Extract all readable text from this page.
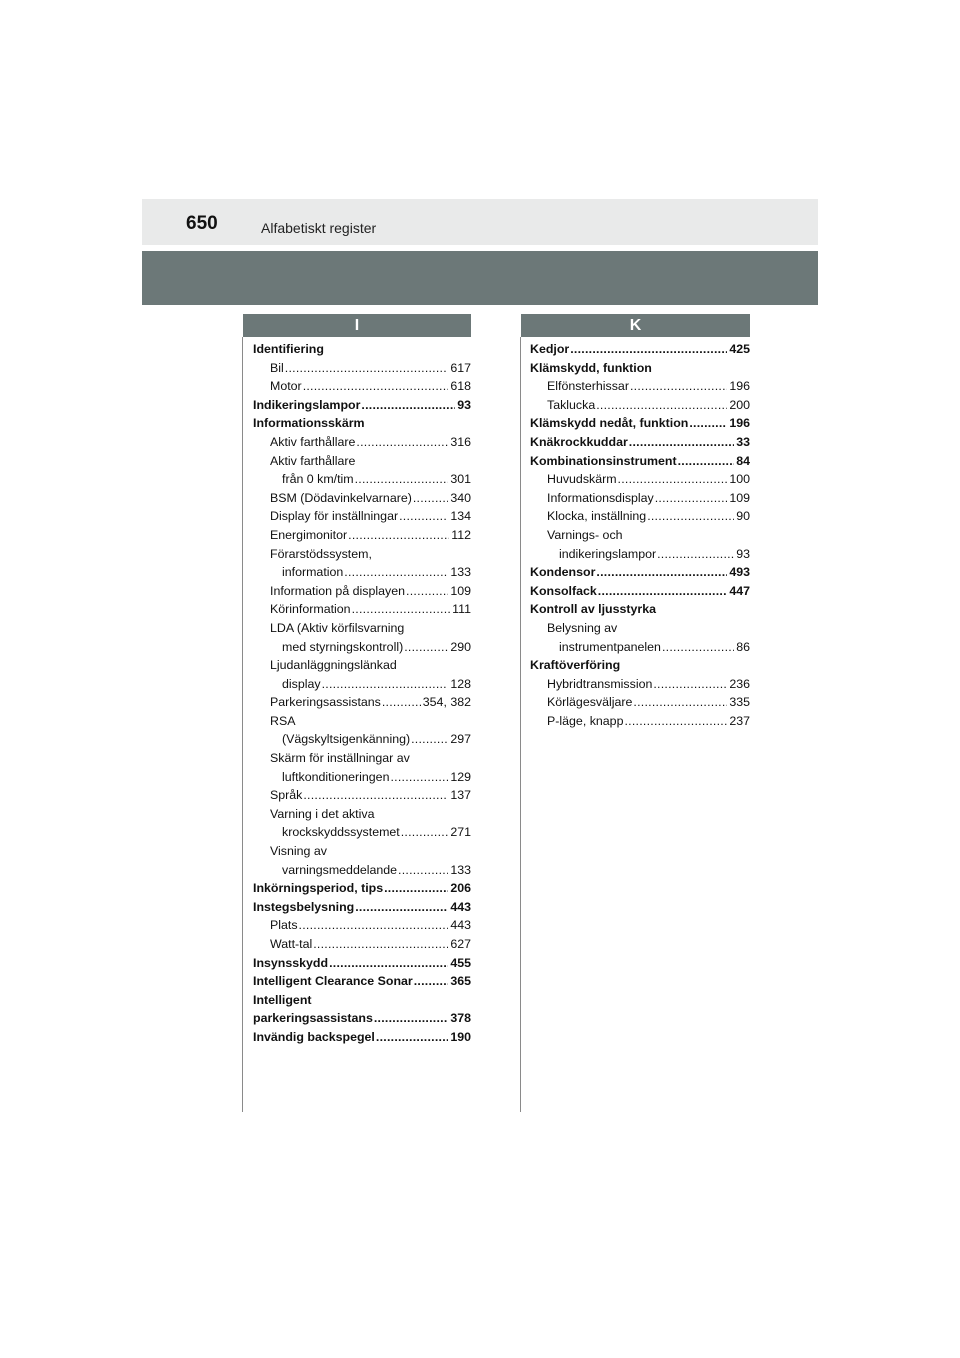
650	Alfabetiskt register
I	K
Identifiering
Bil . . .	617
Motor . . .	618
Indikeringslampor . . .	93
Informationsskärm
Aktiv farthållare . . .	316
Aktiv farthållare
från 0 km/tim . . .	301
BSM (Dödavinkelvarnare) . . .	340
Display för inställningar . . .	134
Energimonitor . . .	112
Förarstödssystem,
information . . .	133
Information på displayen . . .	109
Körinformation . . .	111
LDA (Aktiv körfilsvarning
med styrningskontroll) . . .	290
Ljudanläggningslänkad
display . . .	128
Parkeringsassistans . . .	354, 382
RSA
(Vägskyltsigenkänning) . . .	297
Skärm för inställningar av
luftkonditioneringen . . .	129
Språk . . .	137
Varning i det aktiva
krockskyddssystemet . . .	271
Visning av
varningsmeddelande . . .	133
Inkörningsperiod, tips . . .	206
Instegsbelysning . . .	443
Plats . . .	443
Watt-tal . . .	627
Insynsskydd . . .	455
Intelligent Clearance Sonar . . .	365
Intelligent
parkeringsassistans . . .	378
Invändig backspegel . . .	190
Kedjor . . .	425
Klämskydd, funktion
Elfönsterhissar . . .	196
Taklucka . . .	200
Klämskydd nedåt, funktion . . .	196
Knäkrockkuddar . . .	33
Kombinationsinstrument . . .	84
Huvudskärm . . .	100
Informationsdisplay . . .	109
Klocka, inställning . . .	90
Varnings- och
indikeringslampor . . .	93
Kondensor . . .	493
Konsolfack . . .	447
Kontroll av ljusstyrka
Belysning av
instrumentpanelen . . .	86
Kraftöverföring
Hybridtransmission . . .	236
Körlägesväljare . . .	335
P-läge, knapp . . .	237
